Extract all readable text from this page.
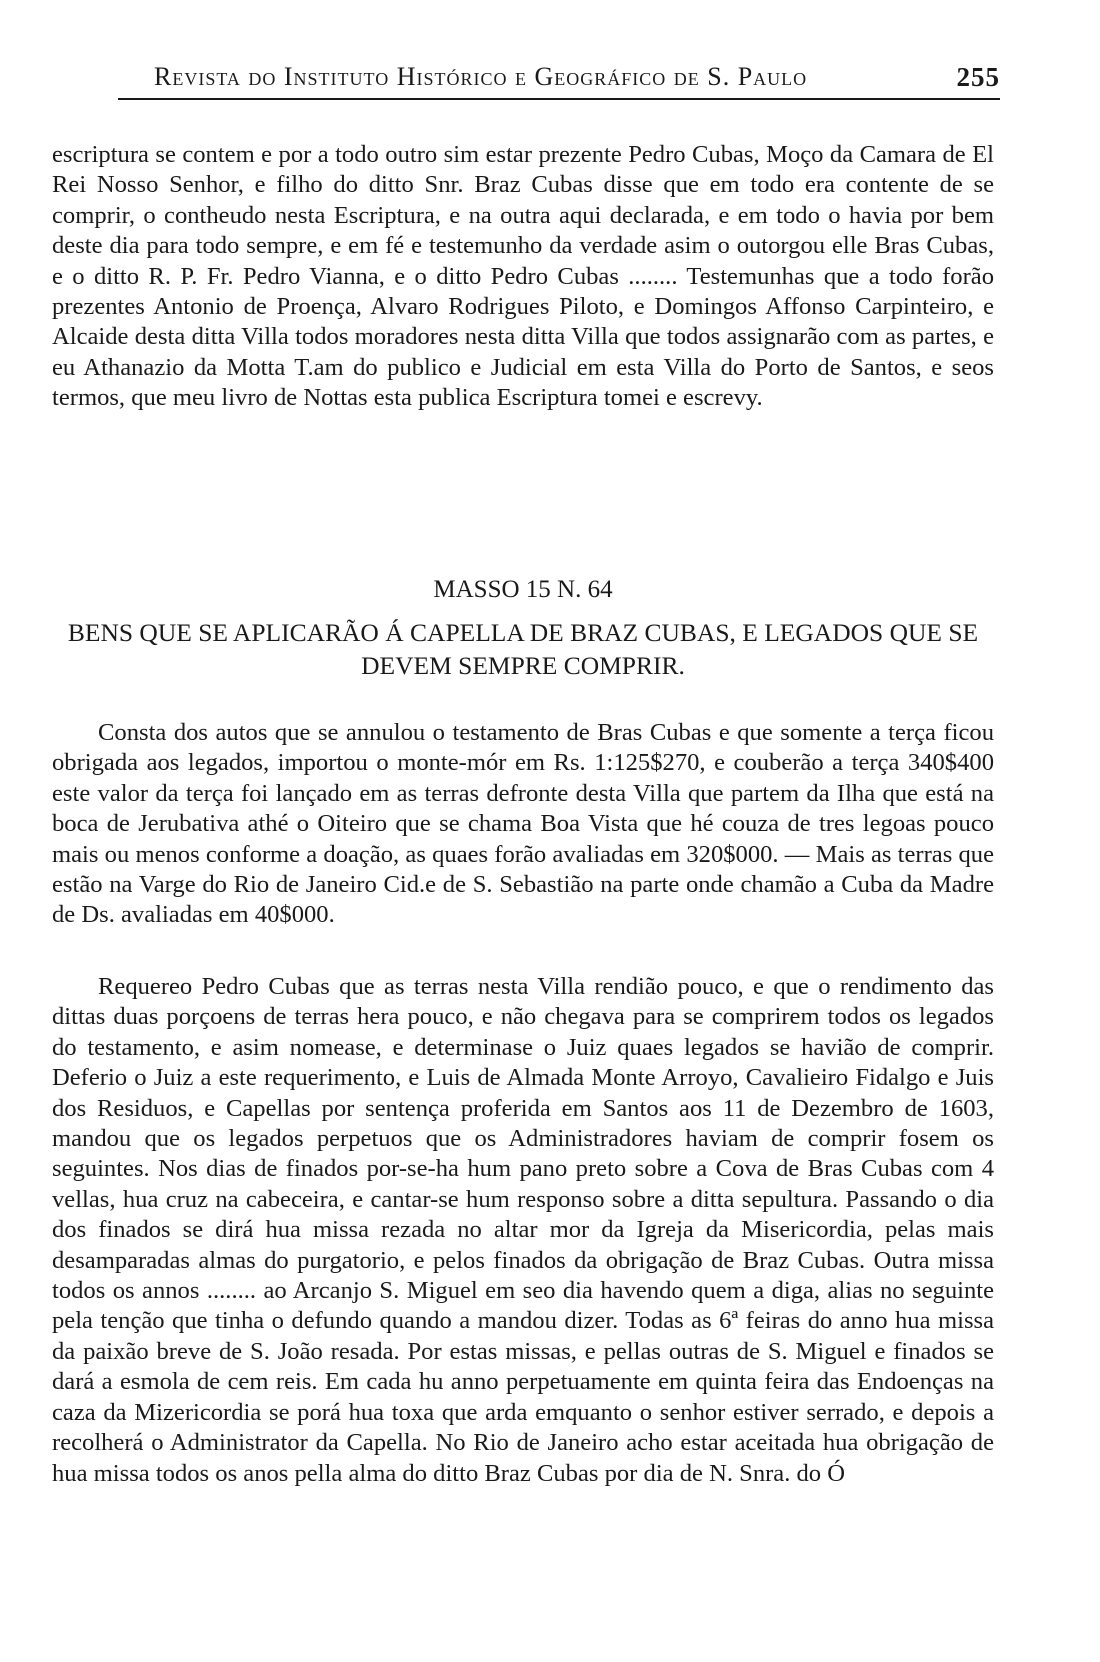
Revista do Instituto Histórico e Geográfico de S. Paulo	255

escriptura se contem e por a todo outro sim estar prezente Pedro Cubas, Moço da Camara de El Rei Nosso Senhor, e filho do ditto Snr. Braz Cubas disse que em todo era contente de se comprir, o contheudo nesta Escriptura, e na outra aqui declarada, e em todo o havia por bem deste dia para todo sempre, e em fé e testemunho da verdade asim o outorgou elle Bras Cubas, e o ditto R. P. Fr. Pedro Vianna, e o ditto Pedro Cubas ........ Testemunhas que a todo forão prezentes Antonio de Proença, Alvaro Rodrigues Piloto, e Domingos Affonso Carpinteiro, e Alcaide desta ditta Villa todos moradores nesta ditta Villa que todos assignarão com as partes, e eu Athanazio da Motta T.am do publico e Judicial em esta Villa do Porto de Santos, e seos termos, que meu livro de Nottas esta publica Escriptura tomei e escrevy.

MASSO 15 N. 64
BENS QUE SE APLICARÃO Á CAPELLA DE BRAZ CUBAS, E LEGADOS QUE SE DEVEM SEMPRE COMPRIR.

Consta dos autos que se annulou o testamento de Bras Cubas e que somente a terça ficou obrigada aos legados, importou o monte-mór em Rs. 1:125$270, e couberão a terça 340$400 este valor da terça foi lançado em as terras defronte desta Villa que partem da Ilha que está na boca de Jerubativa athé o Oiteiro que se chama Boa Vista que hé couza de tres legoas pouco mais ou menos conforme a doação, as quaes forão avaliadas em 320$000. — Mais as terras que estão na Varge do Rio de Janeiro Cid.e de S. Sebastião na parte onde chamão a Cuba da Madre de Ds. avaliadas em 40$000.

Requereo Pedro Cubas que as terras nesta Villa rendião pouco, e que o rendimento das dittas duas porçoens de terras hera pouco, e não chegava para se comprirem todos os legados do testamento, e asim nomease, e determinase o Juiz quaes legados se havião de comprir. Deferio o Juiz a este requerimento, e Luis de Almada Monte Arroyo, Cavalieiro Fidalgo e Juis dos Residuos, e Capellas por sentença proferida em Santos aos 11 de Dezembro de 1603, mandou que os legados perpetuos que os Administradores haviam de comprir fosem os seguintes. Nos dias de finados por-se-ha hum pano preto sobre a Cova de Bras Cubas com 4 vellas, hua cruz na cabeceira, e cantar-se hum responso sobre a ditta sepultura. Passando o dia dos finados se dirá hua missa rezada no altar mor da Igreja da Misericordia, pelas mais desamparadas almas do purgatorio, e pelos finados da obrigação de Braz Cubas. Outra missa todos os annos ........ ao Arcanjo S. Miguel em seo dia havendo quem a diga, alias no seguinte pela tenção que tinha o defundo quando a mandou dizer. Todas as 6ª feiras do anno hua missa da paixão breve de S. João resada. Por estas missas, e pellas outras de S. Miguel e finados se dará a esmola de cem reis. Em cada hu anno perpetuamente em quinta feira das Endoenças na caza da Mizericordia se porá hua toxa que arda emquanto o senhor estiver serrado, e depois a recolherá o Administrator da Capella. No Rio de Janeiro acho estar aceitada hua obrigação de hua missa todos os anos pella alma do ditto Braz Cubas por dia de N. Snra. do Ó
